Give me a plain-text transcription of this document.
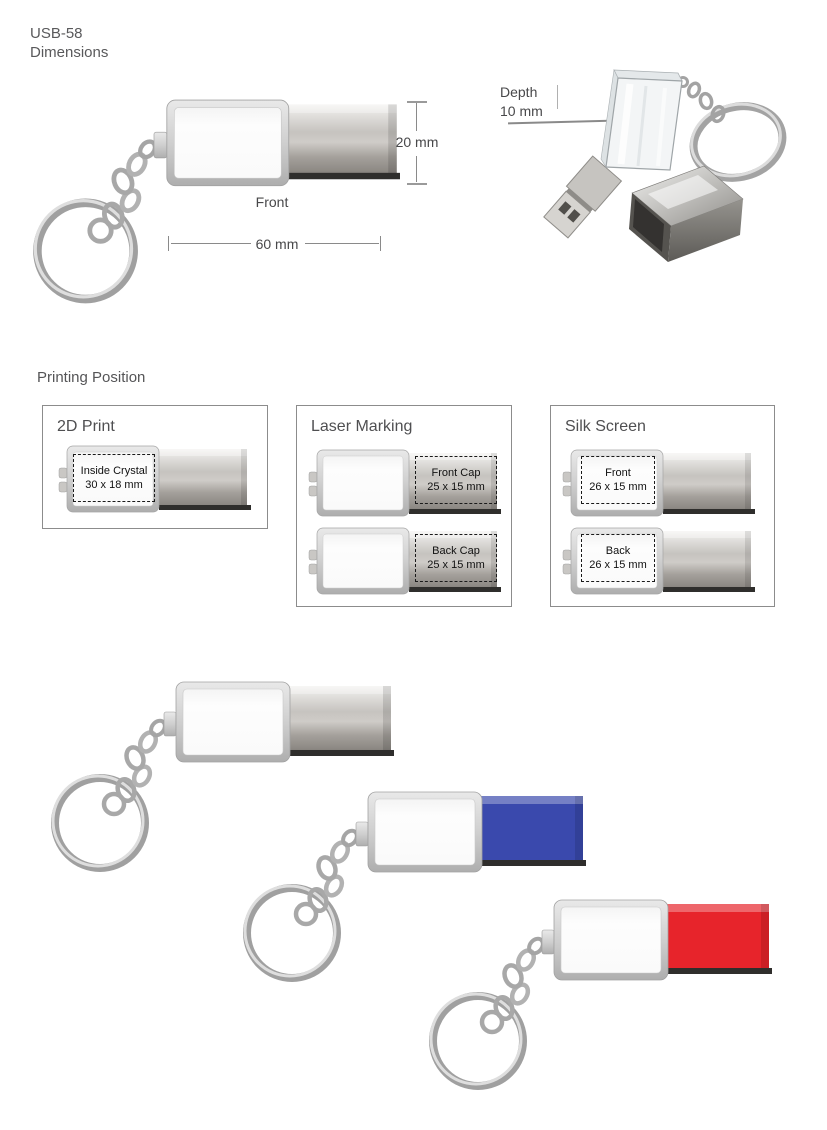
USB-58
Dimensions
20 mm
Front
60 mm
Depth
10 mm
Printing Position
2D Print
Inside Crystal
30 x 18 mm
Laser Marking
Front Cap
25 x 15 mm
Back Cap
25 x 15 mm
Silk Screen
Front
26 x 15 mm
Back
26 x 15 mm
